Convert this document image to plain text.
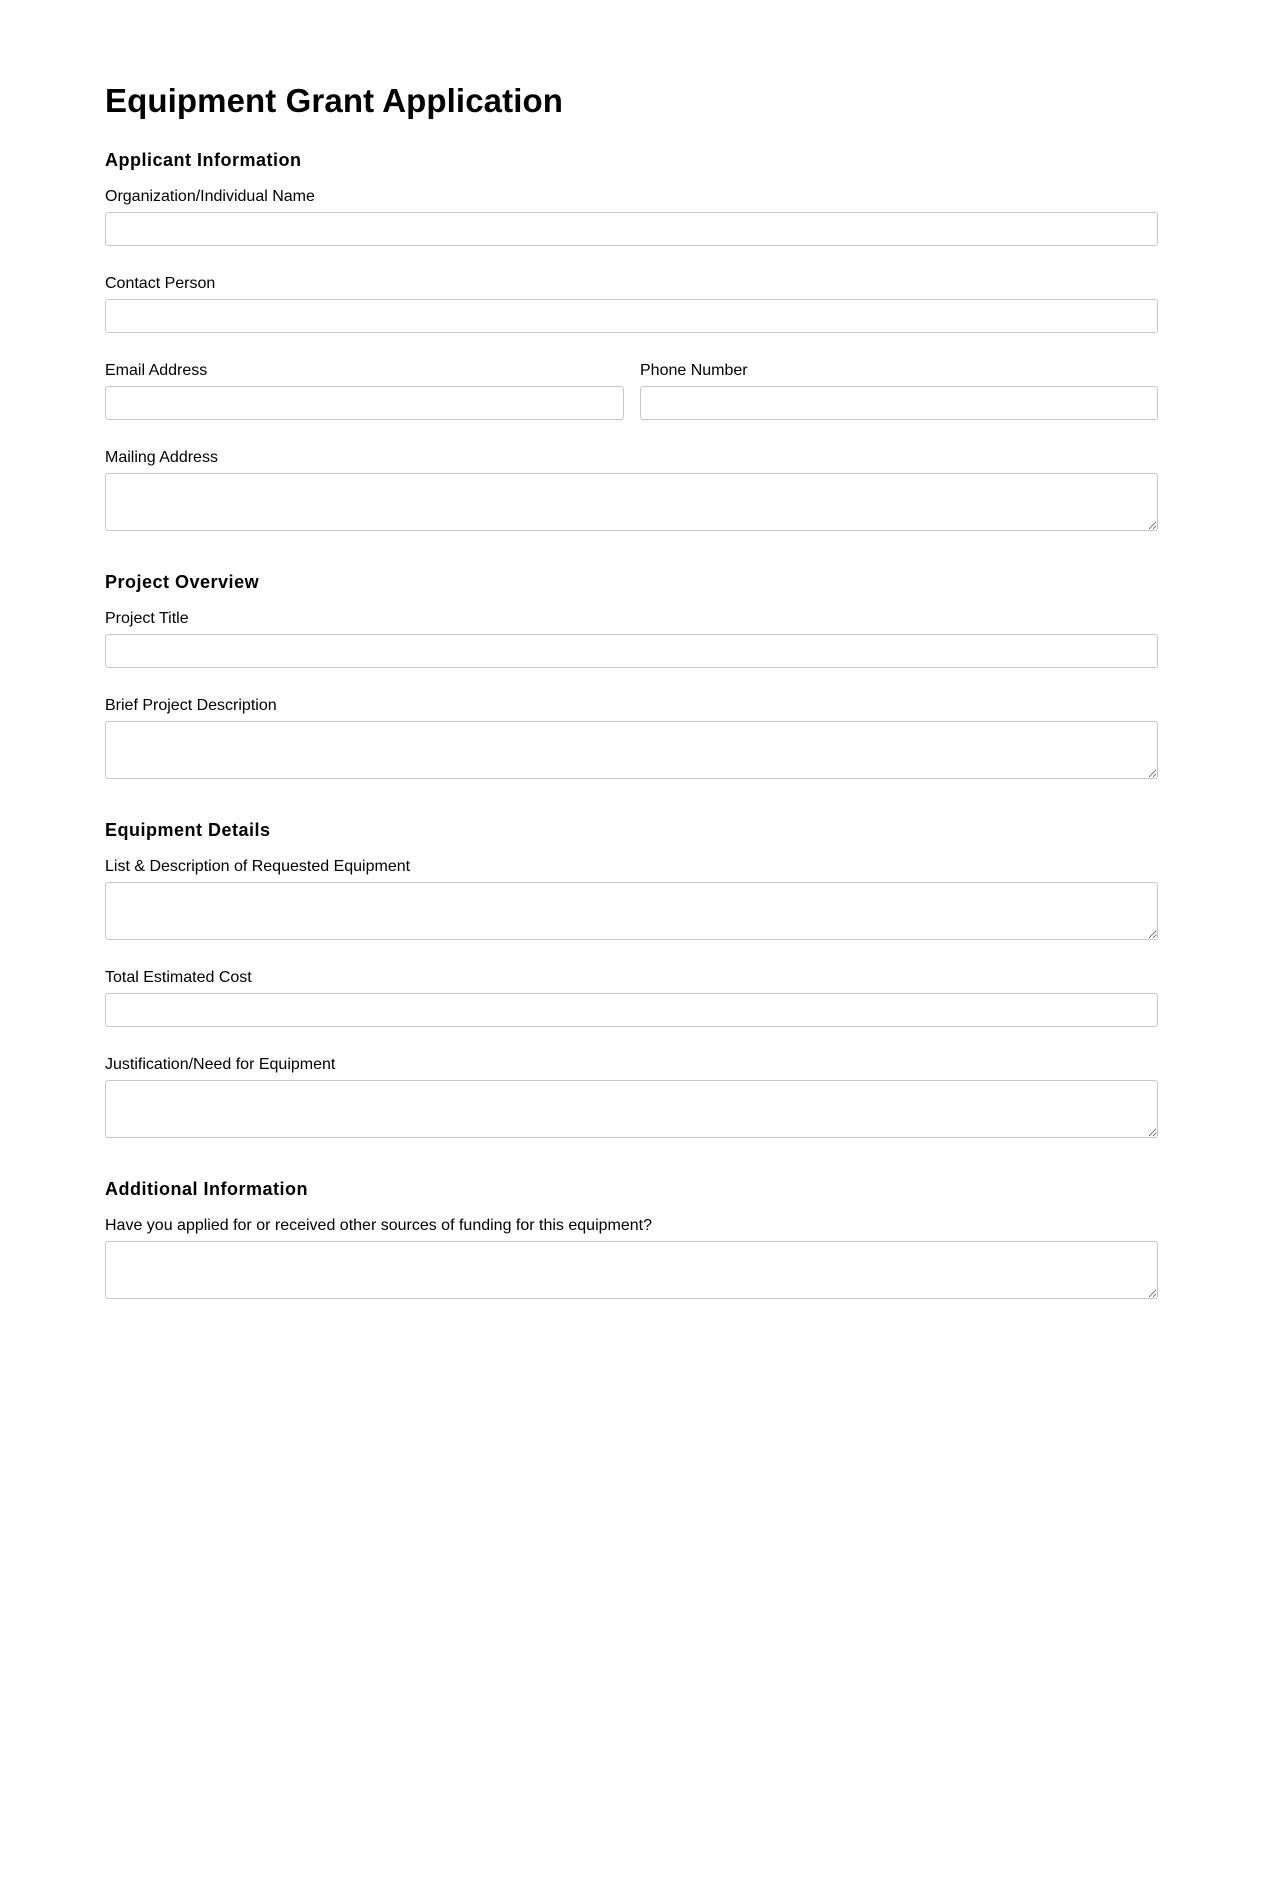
Equipment Grant Application
Applicant Information
Organization/Individual Name
Contact Person
Email Address	Phone Number
Mailing Address
Project Overview
Project Title
Brief Project Description
Equipment Details
List & Description of Requested Equipment
Total Estimated Cost
Justification/Need for Equipment
Additional Information
Have you applied for or received other sources of funding for this equipment?
